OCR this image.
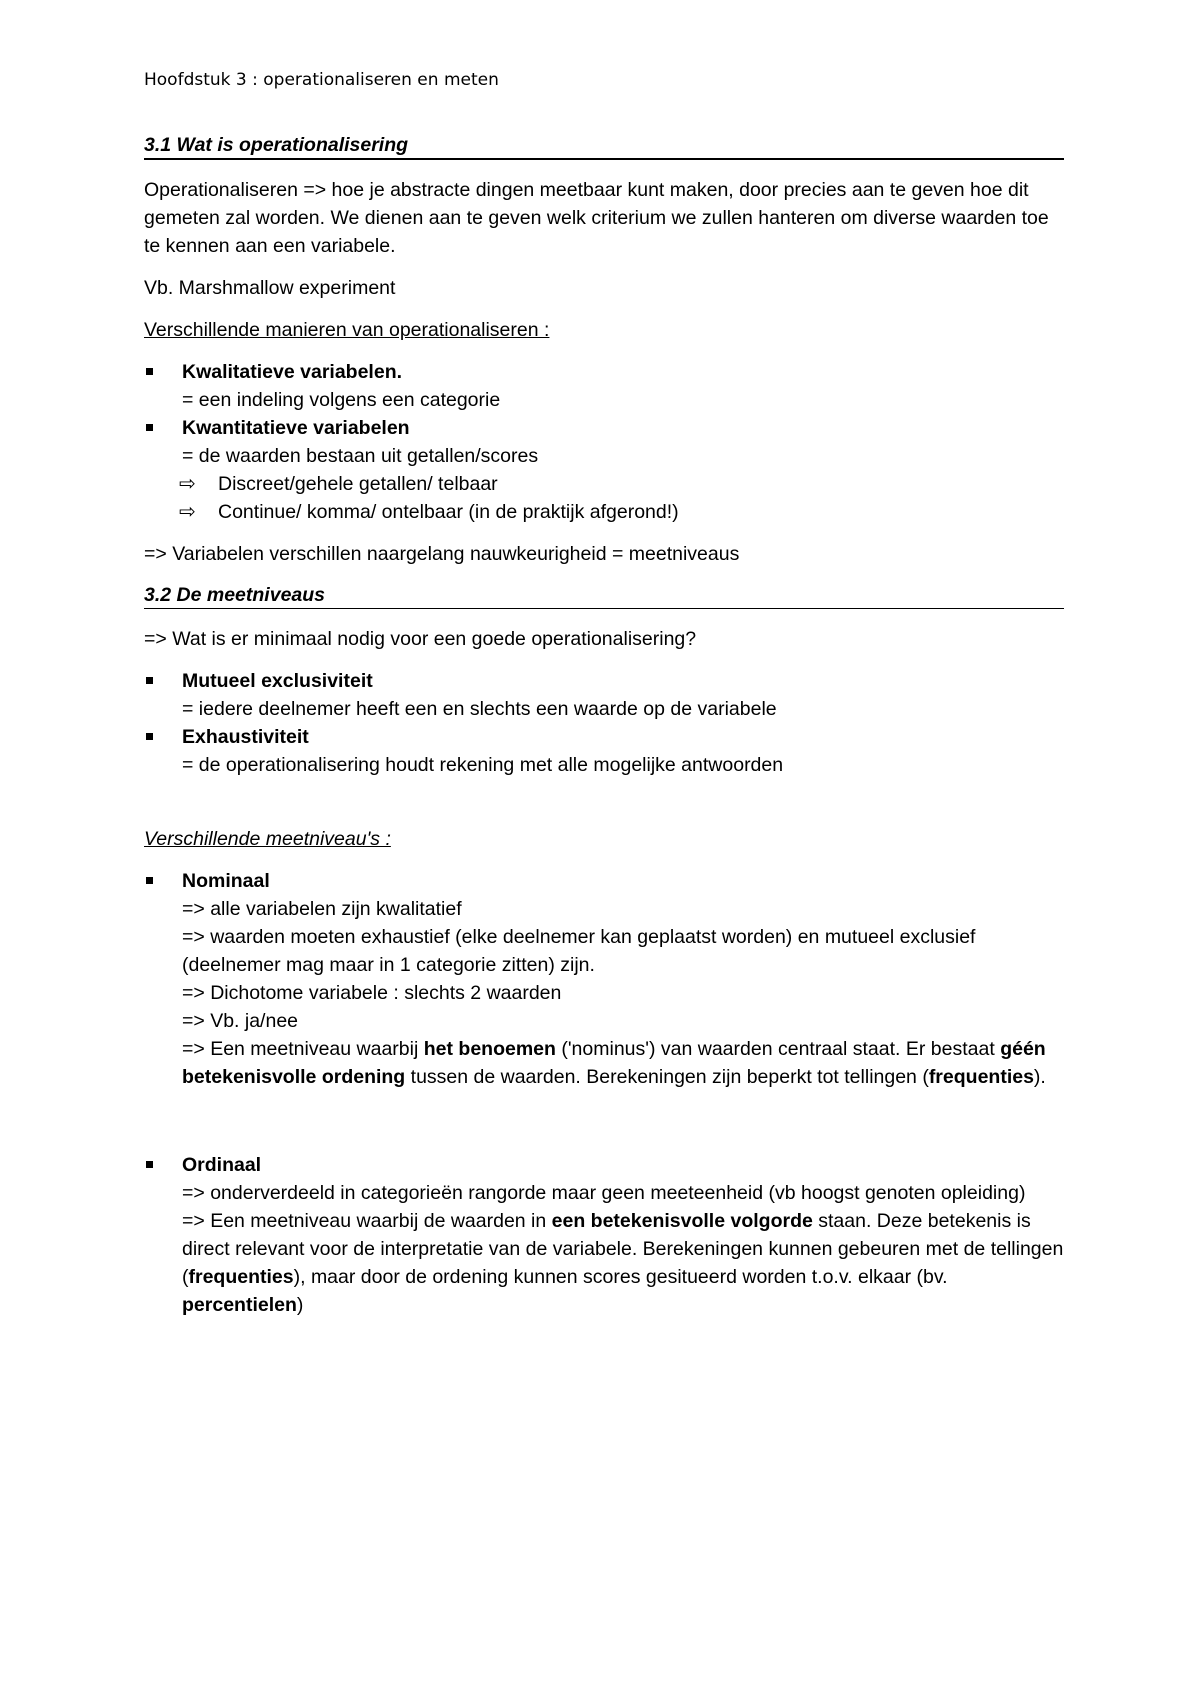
Hoofdstuk 3 : operationaliseren en meten
3.1 Wat is operationalisering

Operationaliseren => hoe je abstracte dingen meetbaar kunt maken, door precies aan te geven hoe dit gemeten zal worden. We dienen aan te geven welk criterium we zullen hanteren om diverse waarden toe te kennen aan een variabele.

Vb. Marshmallow experiment

Verschillende manieren van operationaliseren :

Kwalitatieve variabelen.
= een indeling volgens een categorie
Kwantitatieve variabelen
= de waarden bestaan uit getallen/scores
⇨ Discreet/gehele getallen/ telbaar
⇨ Continue/ komma/ ontelbaar (in de praktijk afgerond!)

=> Variabelen verschillen naargelang nauwkeurigheid = meetniveaus

3.2 De meetniveaus

=> Wat is er minimaal nodig voor een goede operationalisering?

Mutueel exclusiviteit
= iedere deelnemer heeft een en slechts een waarde op de variabele
Exhaustiviteit
= de operationalisering houdt rekening met alle mogelijke antwoorden

Verschillende meetniveau's :

Nominaal
=> alle variabelen zijn kwalitatief
=> waarden moeten exhaustief (elke deelnemer kan geplaatst worden) en mutueel exclusief (deelnemer mag maar in 1 categorie zitten) zijn.
=> Dichotome variabele : slechts 2 waarden
=> Vb. ja/nee
=> Een meetniveau waarbij het benoemen ('nominus') van waarden centraal staat. Er bestaat géén betekenisvolle ordening tussen de waarden. Berekeningen zijn beperkt tot tellingen (frequenties).
Ordinaal
=> onderverdeeld in categorieën rangorde maar geen meeteenheid (vb hoogst genoten opleiding)
=> Een meetniveau waarbij de waarden in een betekenisvolle volgorde staan. Deze betekenis is direct relevant voor de interpretatie van de variabele. Berekeningen kunnen gebeuren met de tellingen (frequenties), maar door de ordening kunnen scores gesitueerd worden t.o.v. elkaar (bv. percentielen)
